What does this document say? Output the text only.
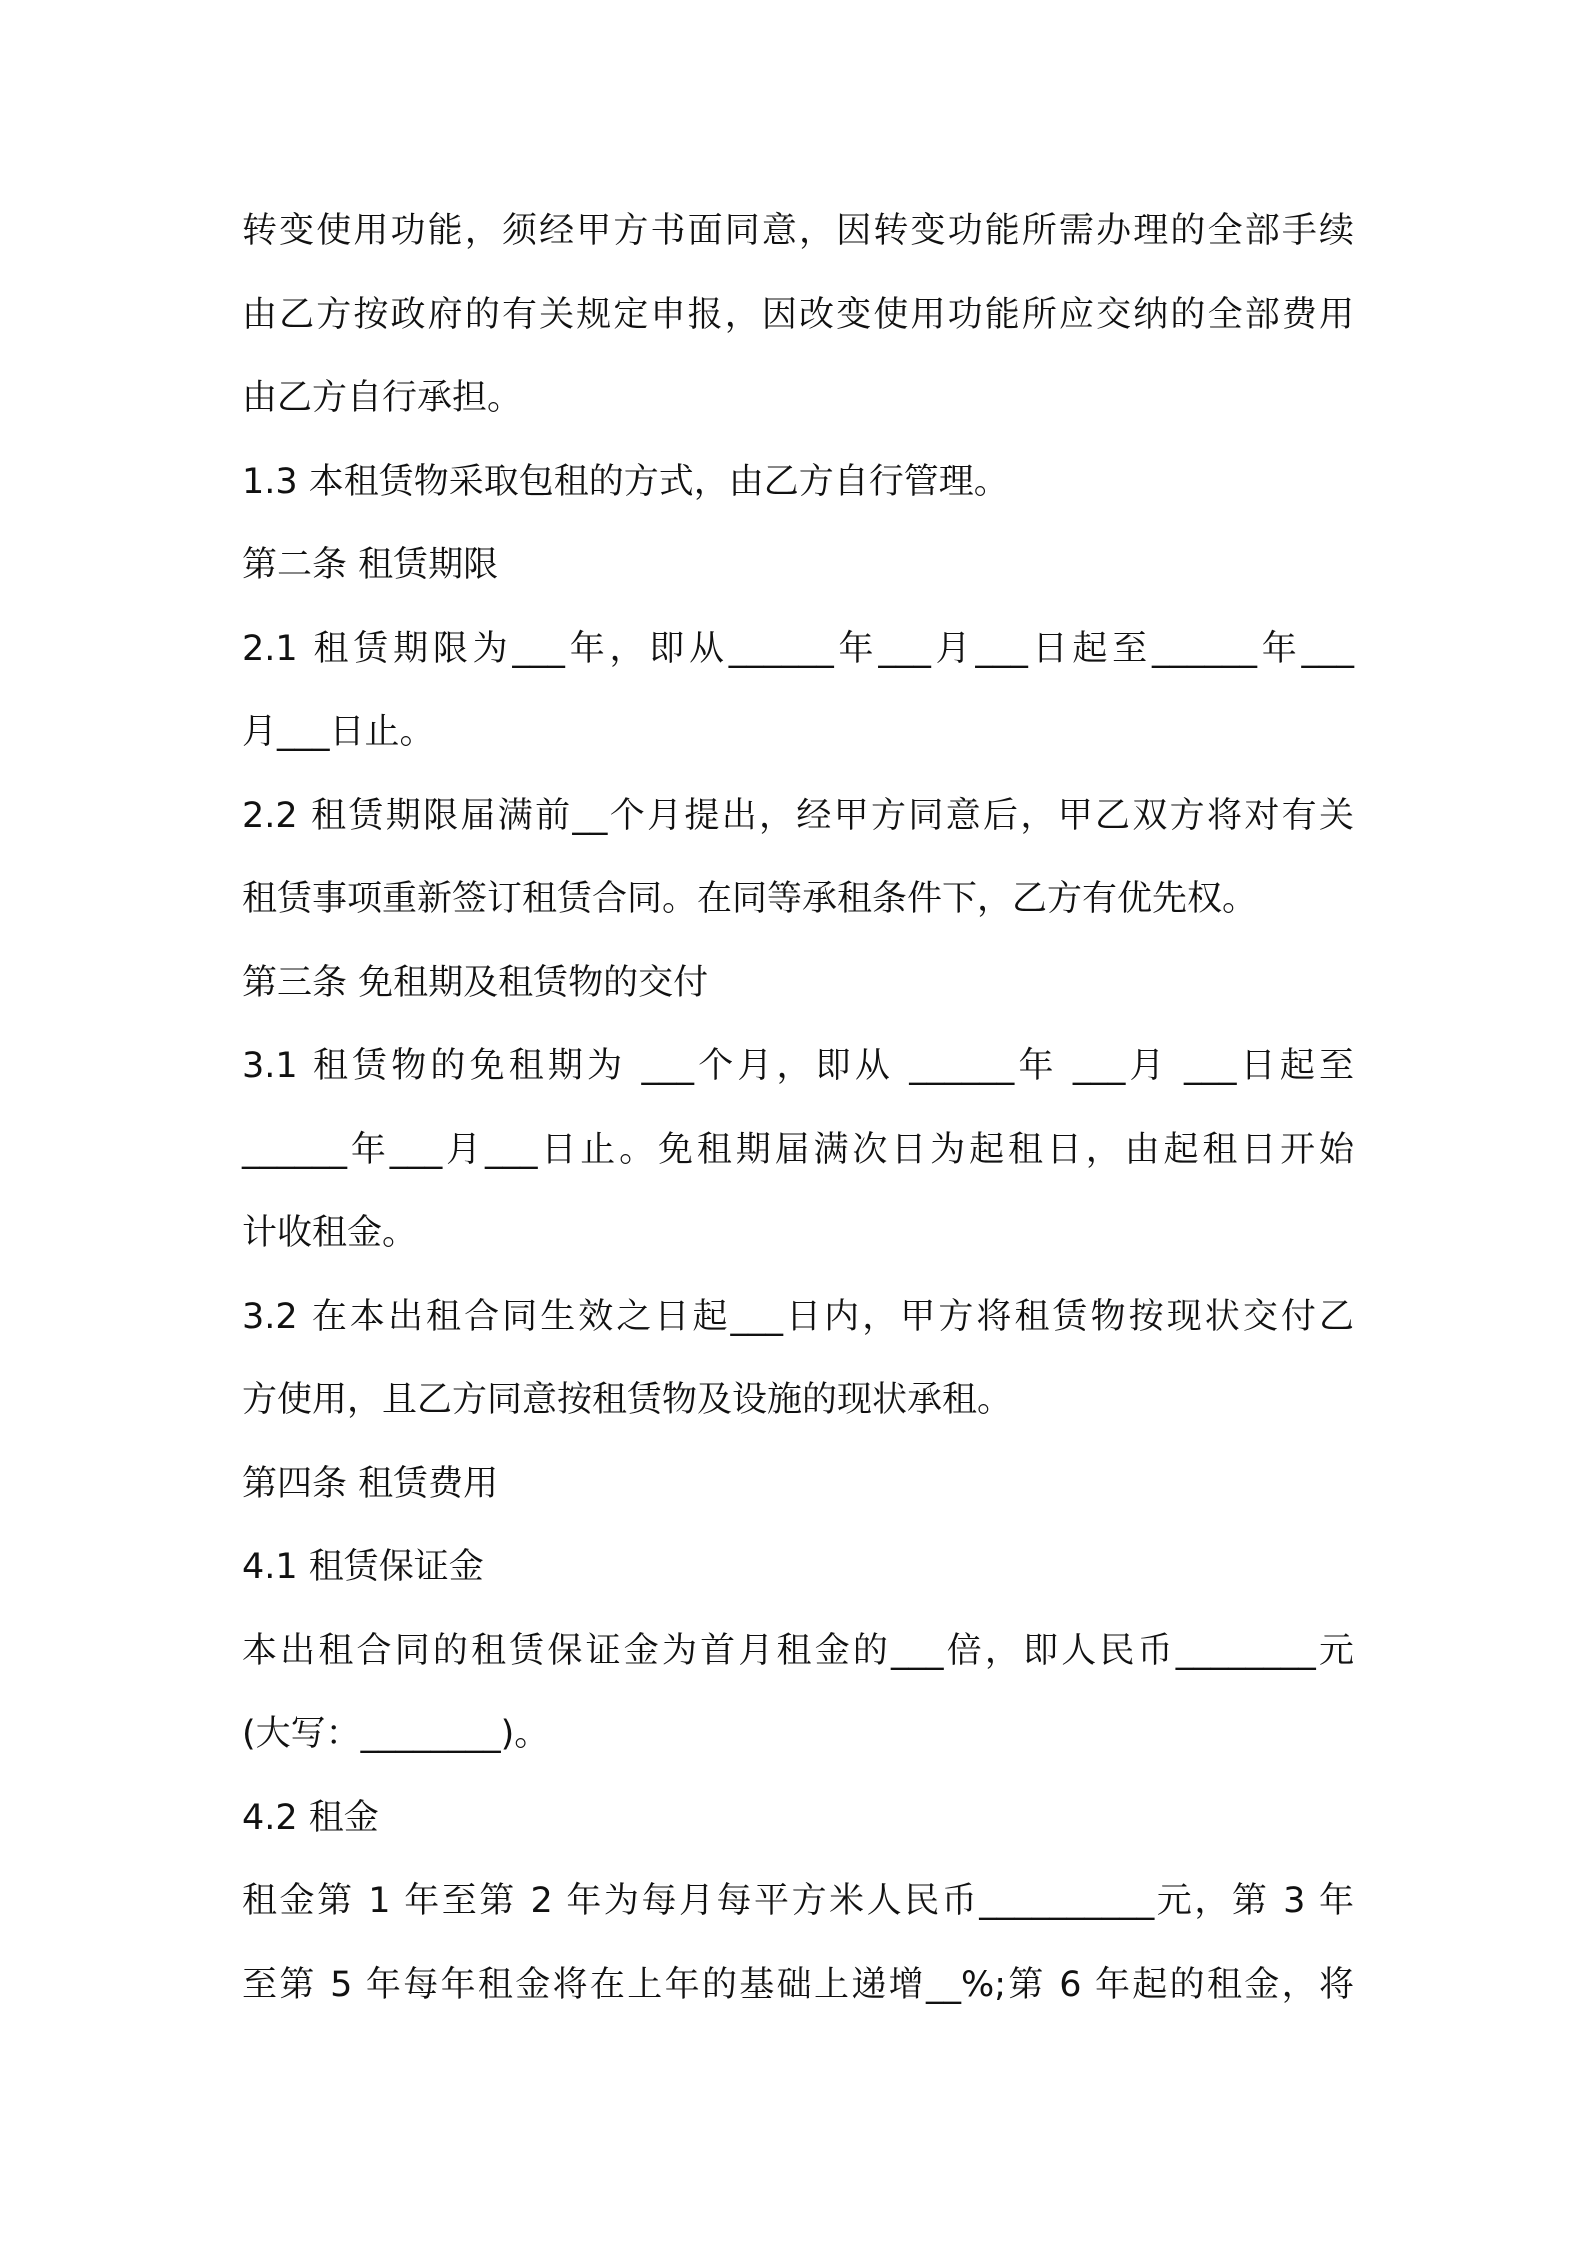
转变使用功能，须经甲方书面同意，因转变功能所需办理的全部手续
由乙方按政府的有关规定申报，因改变使用功能所应交纳的全部费用
由乙方自行承担。
1.3 本租赁物采取包租的方式，由乙方自行管理。
第二条 租赁期限
2.1 租赁期限为___年，即从______年___月___日起至______年___
月___日止。
2.2 租赁期限届满前__个月提出，经甲方同意后，甲乙双方将对有关
租赁事项重新签订租赁合同。在同等承租条件下，乙方有优先权。
第三条 免租期及租赁物的交付
3.1 租赁物的免租期为 ___个月，即从 ______年 ___月 ___日起至
______年___月___日止。免租期届满次日为起租日，由起租日开始
计收租金。
3.2 在本出租合同生效之日起___日内，甲方将租赁物按现状交付乙
方使用，且乙方同意按租赁物及设施的现状承租。
第四条 租赁费用
4.1 租赁保证金
本出租合同的租赁保证金为首月租金的___倍，即人民币________元
(大写：________)。
4.2 租金
租金第 1 年至第 2 年为每月每平方米人民币__________元，第 3 年
至第 5 年每年租金将在上年的基础上递增__%;第 6 年起的租金，将
